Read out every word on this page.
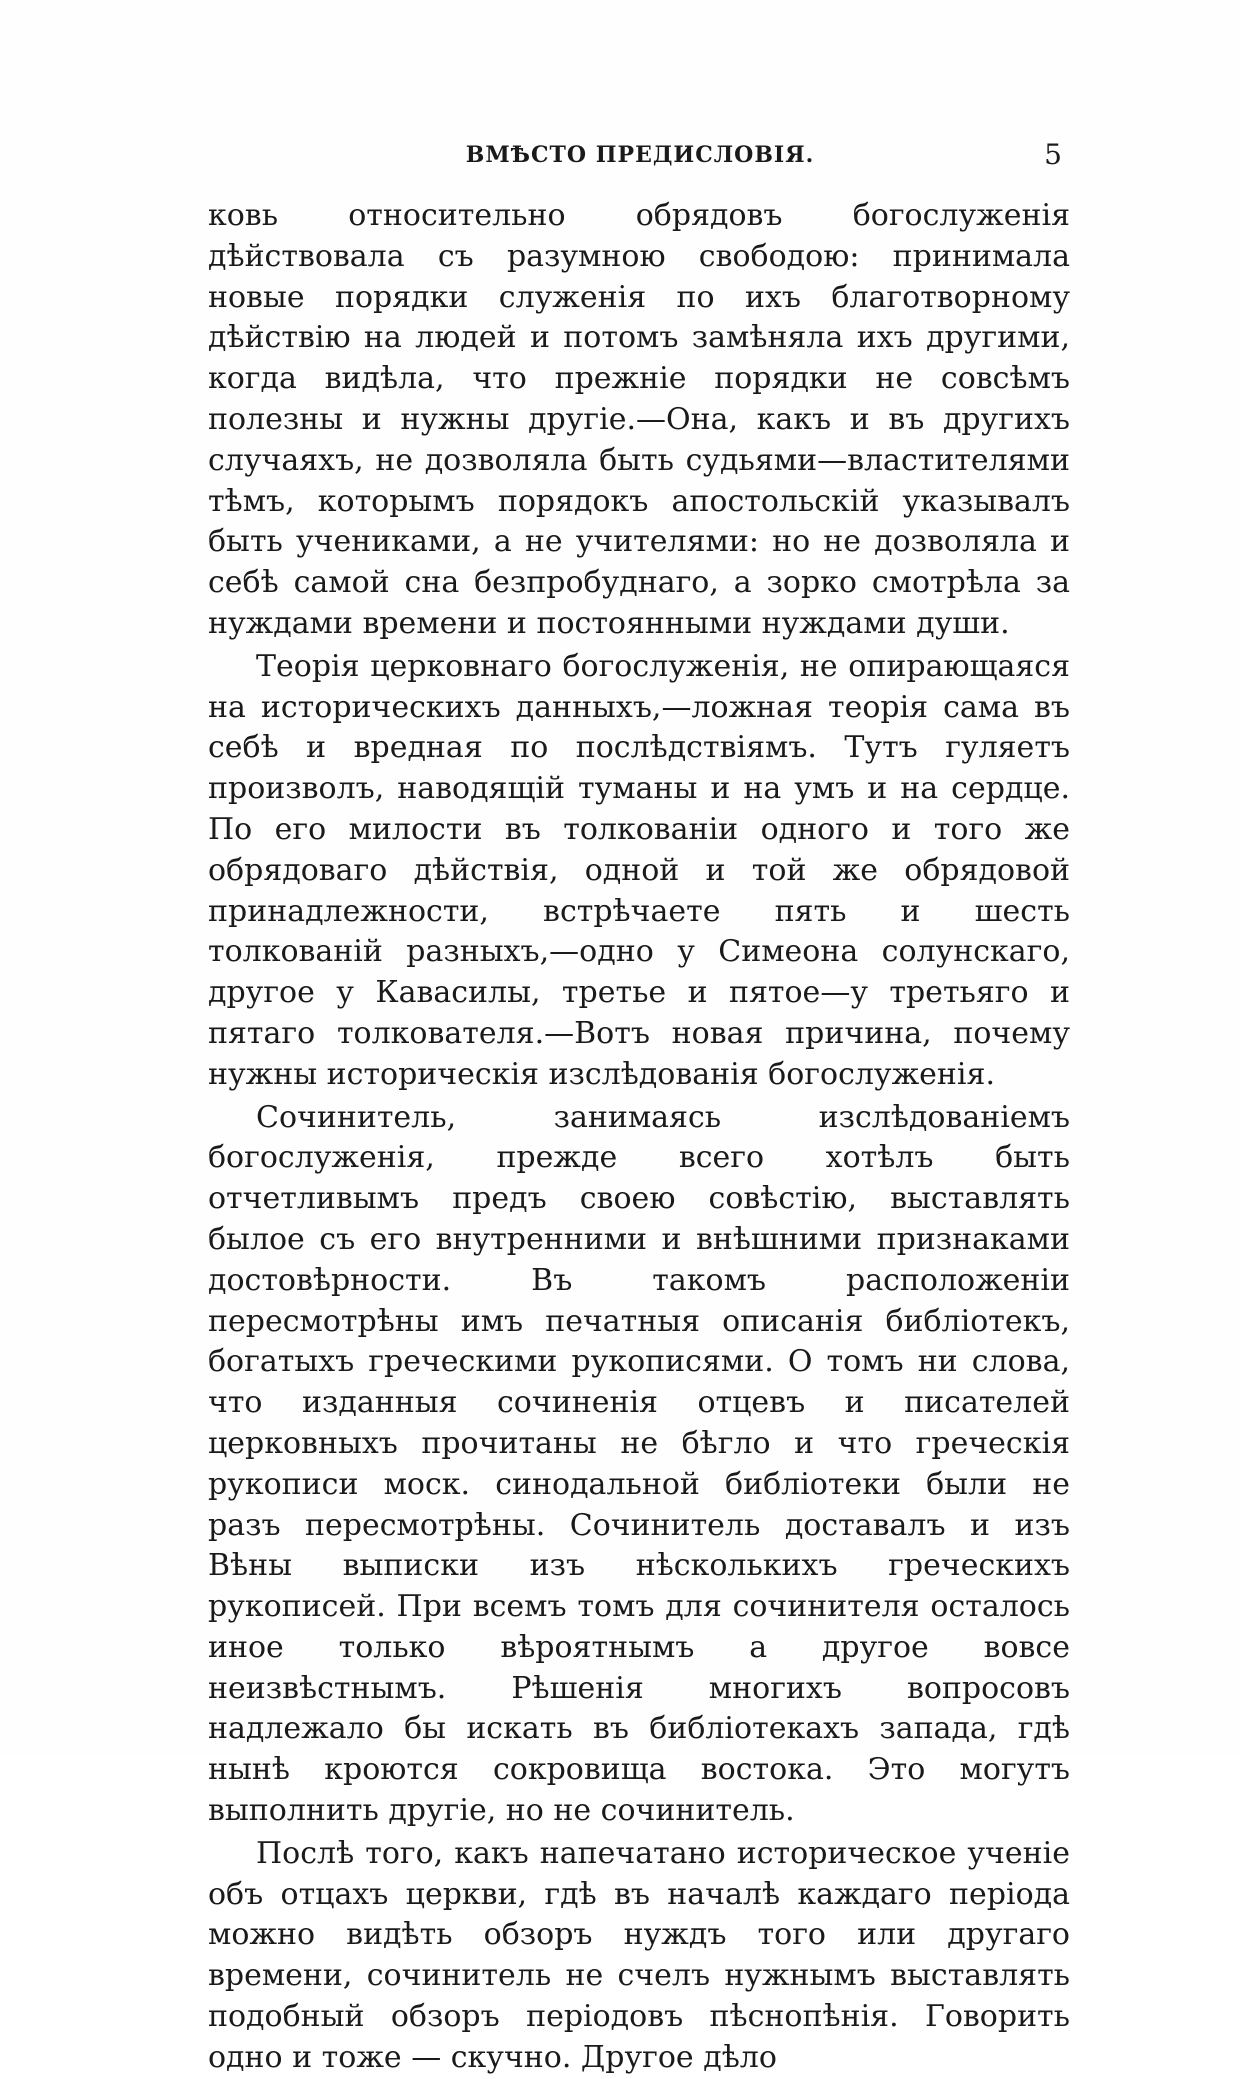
ВМѢСТО ПРЕДИСЛОВІЯ.	5

ковь относительно обрядовъ богослуженія дѣйствовала съ разумною свободою: принимала новые порядки служенія по ихъ благотворному дѣйствію на людей и потомъ замѣняла ихъ другими, когда видѣла, что прежніе порядки не совсѣмъ полезны и нужны другіе.—Она, какъ и въ другихъ случаяхъ, не дозволяла быть судьями—властителями тѣмъ, которымъ порядокъ апостольскій указывалъ быть учениками, а не учителями: но не дозволяла и себѣ самой сна безпробуднаго, а зорко смотрѣла за нуждами времени и постоянными нуждами души.

Теорія церковнаго богослуженія, не опирающаяся на историческихъ данныхъ,—ложная теорія сама въ себѣ и вредная по послѣдствіямъ. Тутъ гуляетъ произволъ, наводящій туманы и на умъ и на сердце. По его милости въ толкованіи одного и того же обрядоваго дѣйствія, одной и той же обрядовой принадлежности, встрѣчаете пять и шесть толкованій разныхъ,—одно у Симеона солунскаго, другое у Кавасилы, третье и пятое—у третьяго и пятаго толкователя.—Вотъ новая причина, почему нужны историческія изслѣдованія богослуженія.

Сочинитель, занимаясь изслѣдованіемъ богослуженія, прежде всего хотѣлъ быть отчетливымъ предъ своею совѣстію, выставлять былое съ его внутренними и внѣшними признаками достовѣрности. Въ такомъ расположеніи пересмотрѣны имъ печатныя описанія библіотекъ, богатыхъ греческими рукописями. О томъ ни слова, что изданныя сочиненія отцевъ и писателей церковныхъ прочитаны не бѣгло и что греческія рукописи моск. синодальной библіотеки были не разъ пересмотрѣны. Сочинитель доставалъ и изъ Вѣны выписки изъ нѣсколькихъ греческихъ рукописей. При всемъ томъ для сочинителя осталось иное только вѣроятнымъ а другое вовсе неизвѣстнымъ. Рѣшенія многихъ вопросовъ надлежало бы искать въ библіотекахъ запада, гдѣ нынѣ кроются сокровища востока. Это могутъ выполнить другіе, но не сочинитель.

Послѣ того, какъ напечатано историческое ученіе объ отцахъ церкви, гдѣ въ началѣ каждаго періода можно видѣть обзоръ нуждъ того или другаго времени, сочинитель не счелъ нужнымъ выставлять подобный обзоръ періодовъ пѣснопѣнія. Говорить одно и тоже — скучно. Другое дѣло
